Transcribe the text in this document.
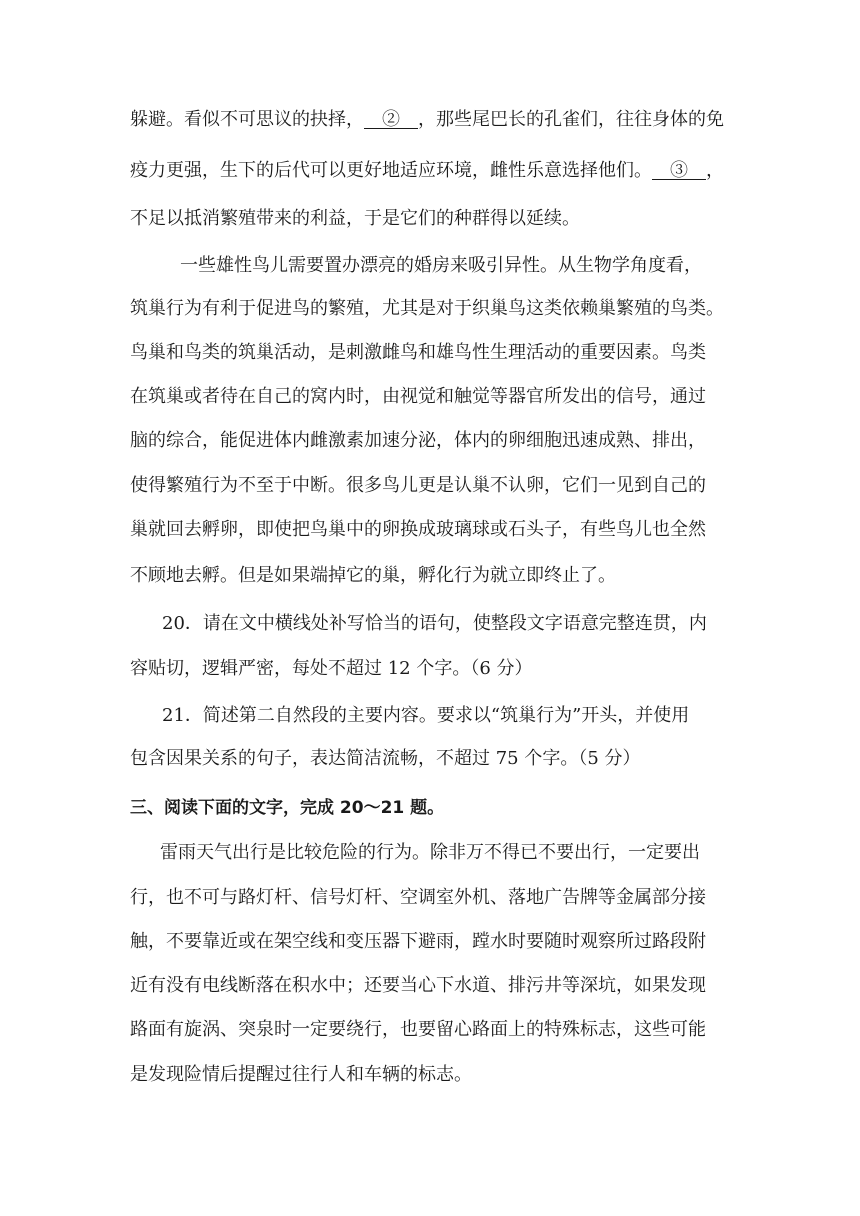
躲避。看似不可思议的抉择，　②　，那些尾巴长的孔雀们，往往身体的免
疫力更强，生下的后代可以更好地适应环境，雌性乐意选择他们。　③　，
不足以抵消繁殖带来的利益，于是它们的种群得以延续。
一些雄性鸟儿需要置办漂亮的婚房来吸引异性。从生物学角度看，
筑巢行为有利于促进鸟的繁殖，尤其是对于织巢鸟这类依赖巢繁殖的鸟类。
鸟巢和鸟类的筑巢活动，是刺激雌鸟和雄鸟性生理活动的重要因素。鸟类
在筑巢或者待在自己的窝内时，由视觉和触觉等器官所发出的信号，通过
脑的综合，能促进体内雌激素加速分泌，体内的卵细胞迅速成熟、排出，
使得繁殖行为不至于中断。很多鸟儿更是认巢不认卵，它们一见到自己的
巢就回去孵卵，即使把鸟巢中的卵换成玻璃球或石头子，有些鸟儿也全然
不顾地去孵。但是如果端掉它的巢，孵化行为就立即终止了。
20．请在文中横线处补写恰当的语句，使整段文字语意完整连贯，内
容贴切，逻辑严密，每处不超过 12 个字。（6 分）
21．简述第二自然段的主要内容。要求以“筑巢行为”开头，并使用
包含因果关系的句子，表达简洁流畅，不超过 75 个字。（5 分）
三、阅读下面的文字，完成 20～21 题。
雷雨天气出行是比较危险的行为。除非万不得已不要出行，一定要出
行，也不可与路灯杆、信号灯杆、空调室外机、落地广告牌等金属部分接
触，不要靠近或在架空线和变压器下避雨，蹚水时要随时观察所过路段附
近有没有电线断落在积水中；还要当心下水道、排污井等深坑，如果发现
路面有旋涡、突泉时一定要绕行，也要留心路面上的特殊标志，这些可能
是发现险情后提醒过往行人和车辆的标志。
